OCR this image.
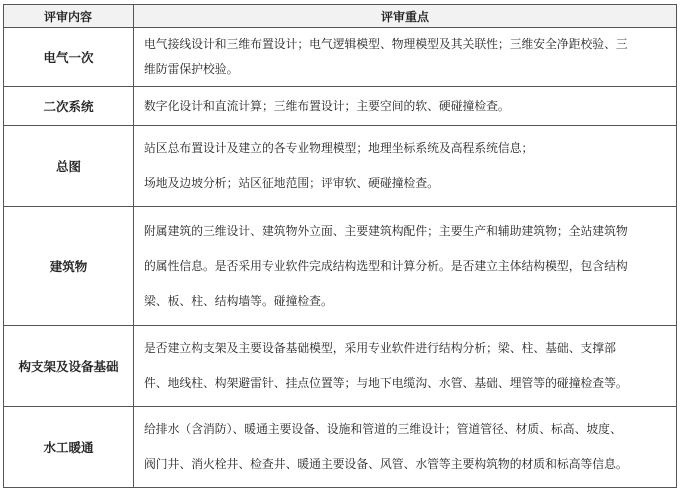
评审内容	评审重点
电气一次	电气接线设计和三维布置设计；电气逻辑模型、物理模型及其关联性；三维安全净距校验、三

维防雷保护校验。

二次系统	数字化设计和直流计算；三维布置设计；主要空间的软、硬碰撞检查。

总图	站区总布置设计及建立的各专业物理模型；地理坐标系统及高程系统信息；

场地及边坡分析；站区征地范围；评审软、硬碰撞检查。

建筑物	附属建筑的三维设计、建筑物外立面、主要建筑构配件；主要生产和辅助建筑物；全站建筑物

的属性信息。是否采用专业软件完成结构选型和计算分析。是否建立主体结构模型，包含结构

梁、板、柱、结构墙等。碰撞检查。

构支架及设备基础	是否建立构支架及主要设备基础模型，采用专业软件进行结构分析；梁、柱、基础、支撑部

件、地线柱、构架避雷针、挂点位置等；与地下电缆沟、水管、基础、埋管等的碰撞检查等。

水工暖通	给排水（含消防）、暖通主要设备、设施和管道的三维设计；管道管径、材质、标高、坡度、

阀门井、消火栓井、检查井、暖通主要设备、风管、水管等主要构筑物的材质和标高等信息。
